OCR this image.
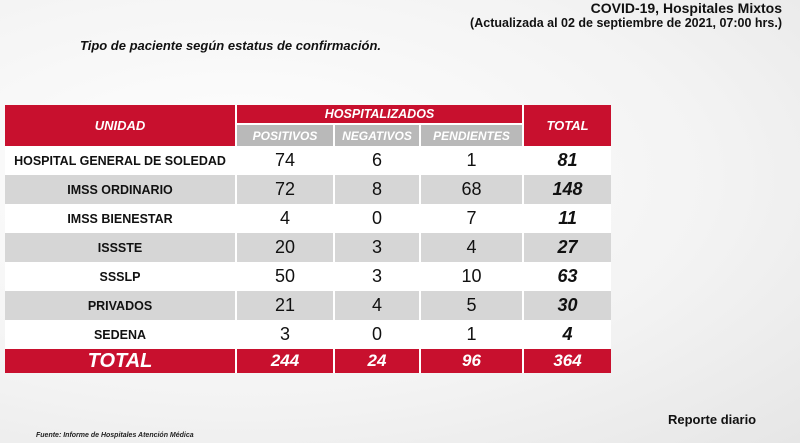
COVID-19, Hospitales Mixtos
(Actualizada al 02 de septiembre de 2021, 07:00 hrs.)
Tipo de paciente según estatus de confirmación.
UNIDAD	HOSPITALIZADOS			TOTAL
	POSITIVOS	NEGATIVOS	PENDIENTES	
HOSPITAL GENERAL DE SOLEDAD	74	6	1	81
IMSS ORDINARIO	72	8	68	148
IMSS BIENESTAR	4	0	7	11
ISSSTE	20	3	4	27
SSSLP	50	3	10	63
PRIVADOS	21	4	5	30
SEDENA	3	0	1	4
TOTAL	244	24	96	364
Reporte diario
Fuente: Informe de Hospitales Atención Médica
